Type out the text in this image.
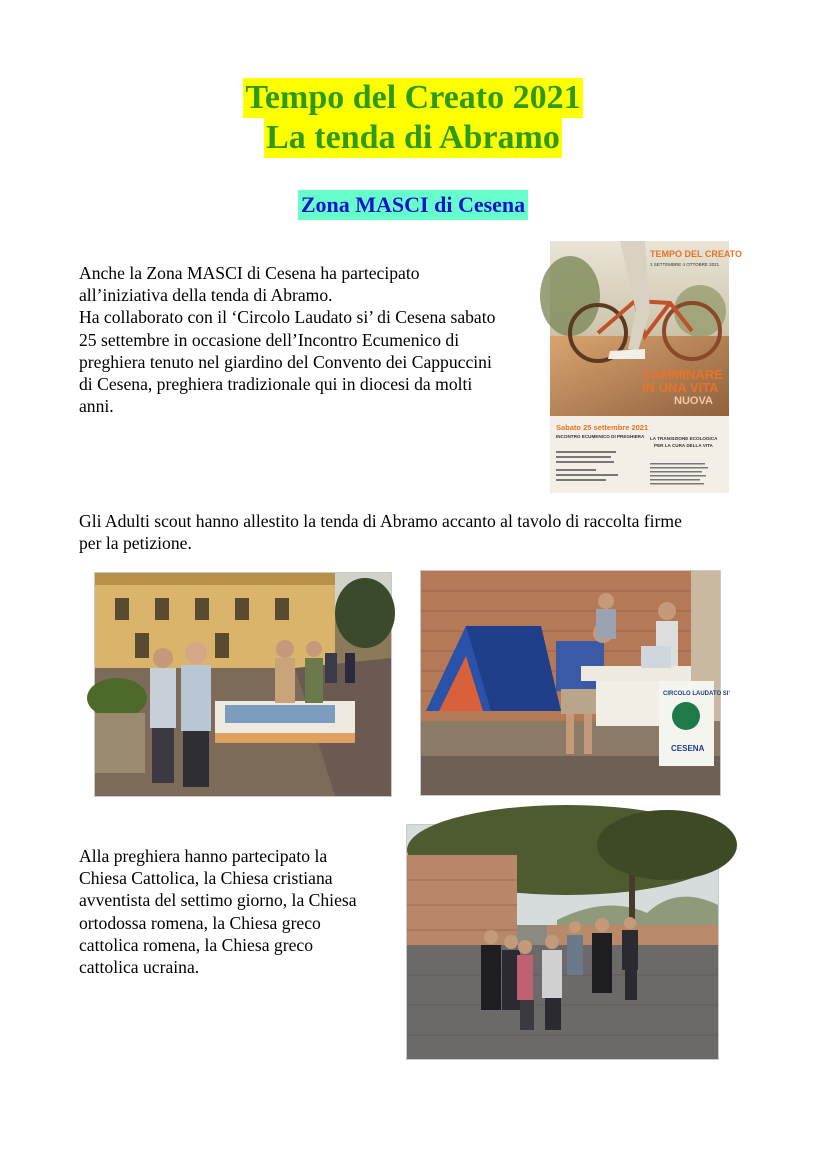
Tempo del Creato 2021
La tenda di Abramo
Zona MASCI di Cesena
Anche la Zona MASCI di Cesena ha partecipato
all’iniziativa della tenda di Abramo.
Ha collaborato con il ‘Circolo Laudato si’ di Cesena sabato
25 settembre in occasione dell’Incontro Ecumenico di
preghiera tenuto nel giardino del Convento dei Cappuccini
di Cesena, preghiera tradizionale qui in diocesi da molti
anni.
TEMPO DEL CREATO
1 SETTEMBRE 4 OTTOBRE 2021
CAMMINARE
IN UNA VITA
NUOVA
Sabato 25 settembre 2021
INCONTRO ECUMENICO DI PREGHIERA LA TRANSIZIONE ECOLOGICA
PER LA CURA DELLA VITA
Gli Adulti scout hanno allestito la tenda di Abramo accanto al tavolo di raccolta firme
per la petizione.
CIRCOLO LAUDATO SI'
CESENA
Alla preghiera hanno partecipato la
Chiesa Cattolica, la Chiesa cristiana
avventista del settimo giorno, la Chiesa
ortodossa romena, la Chiesa greco
cattolica romena, la Chiesa greco
cattolica ucraina.
